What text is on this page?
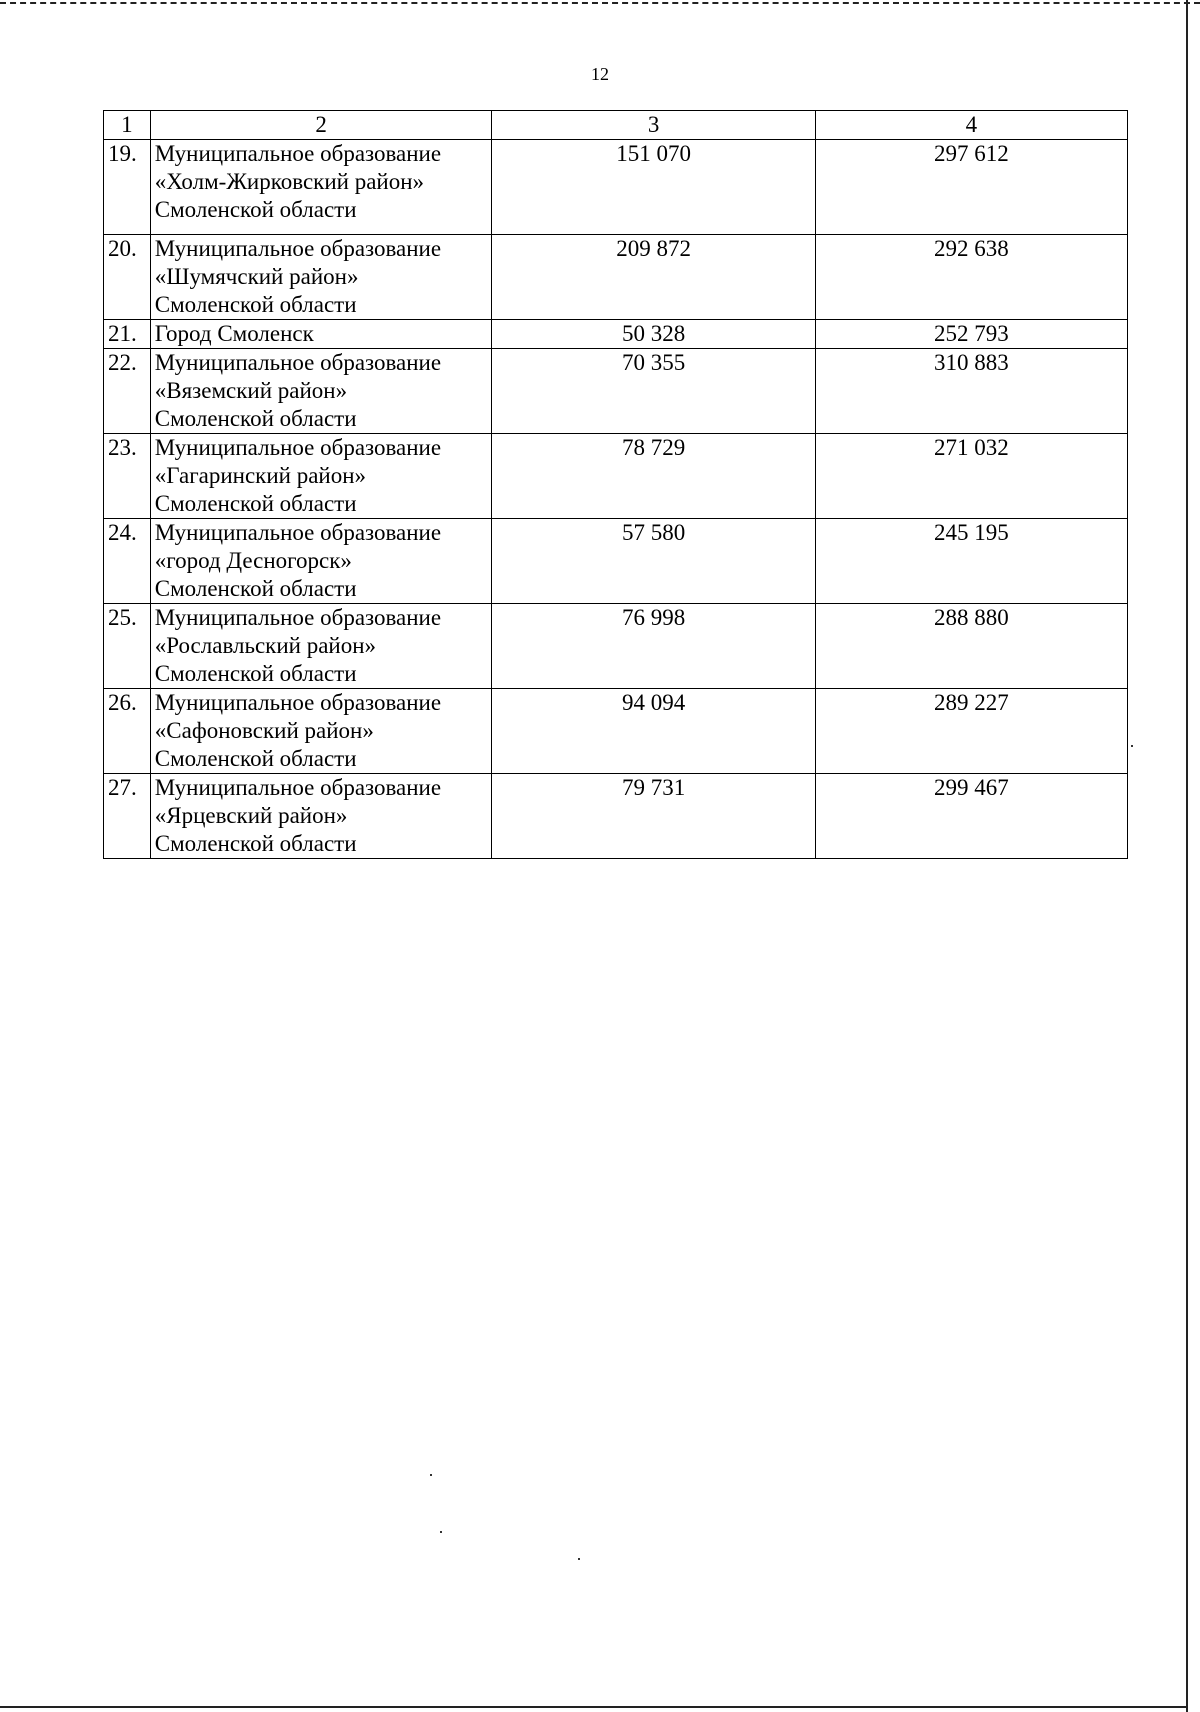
12
1	2	3	4
19.	Муниципальное образование
«Холм-Жирковский район»
Смоленской области	151 070	297 612
20.	Муниципальное образование
«Шумячский район»
Смоленской области	209 872	292 638
21.	Город Смоленск	50 328	252 793
22.	Муниципальное образование
«Вяземский район»
Смоленской области	70 355	310 883
23.	Муниципальное образование
«Гагаринский район»
Смоленской области	78 729	271 032
24.	Муниципальное образование
«город Десногорск»
Смоленской области	57 580	245 195
25.	Муниципальное образование
«Рославльский район»
Смоленской области	76 998	288 880
26.	Муниципальное образование
«Сафоновский район»
Смоленской области	94 094	289 227
27.	Муниципальное образование
«Ярцевский район»
Смоленской области	79 731	299 467
